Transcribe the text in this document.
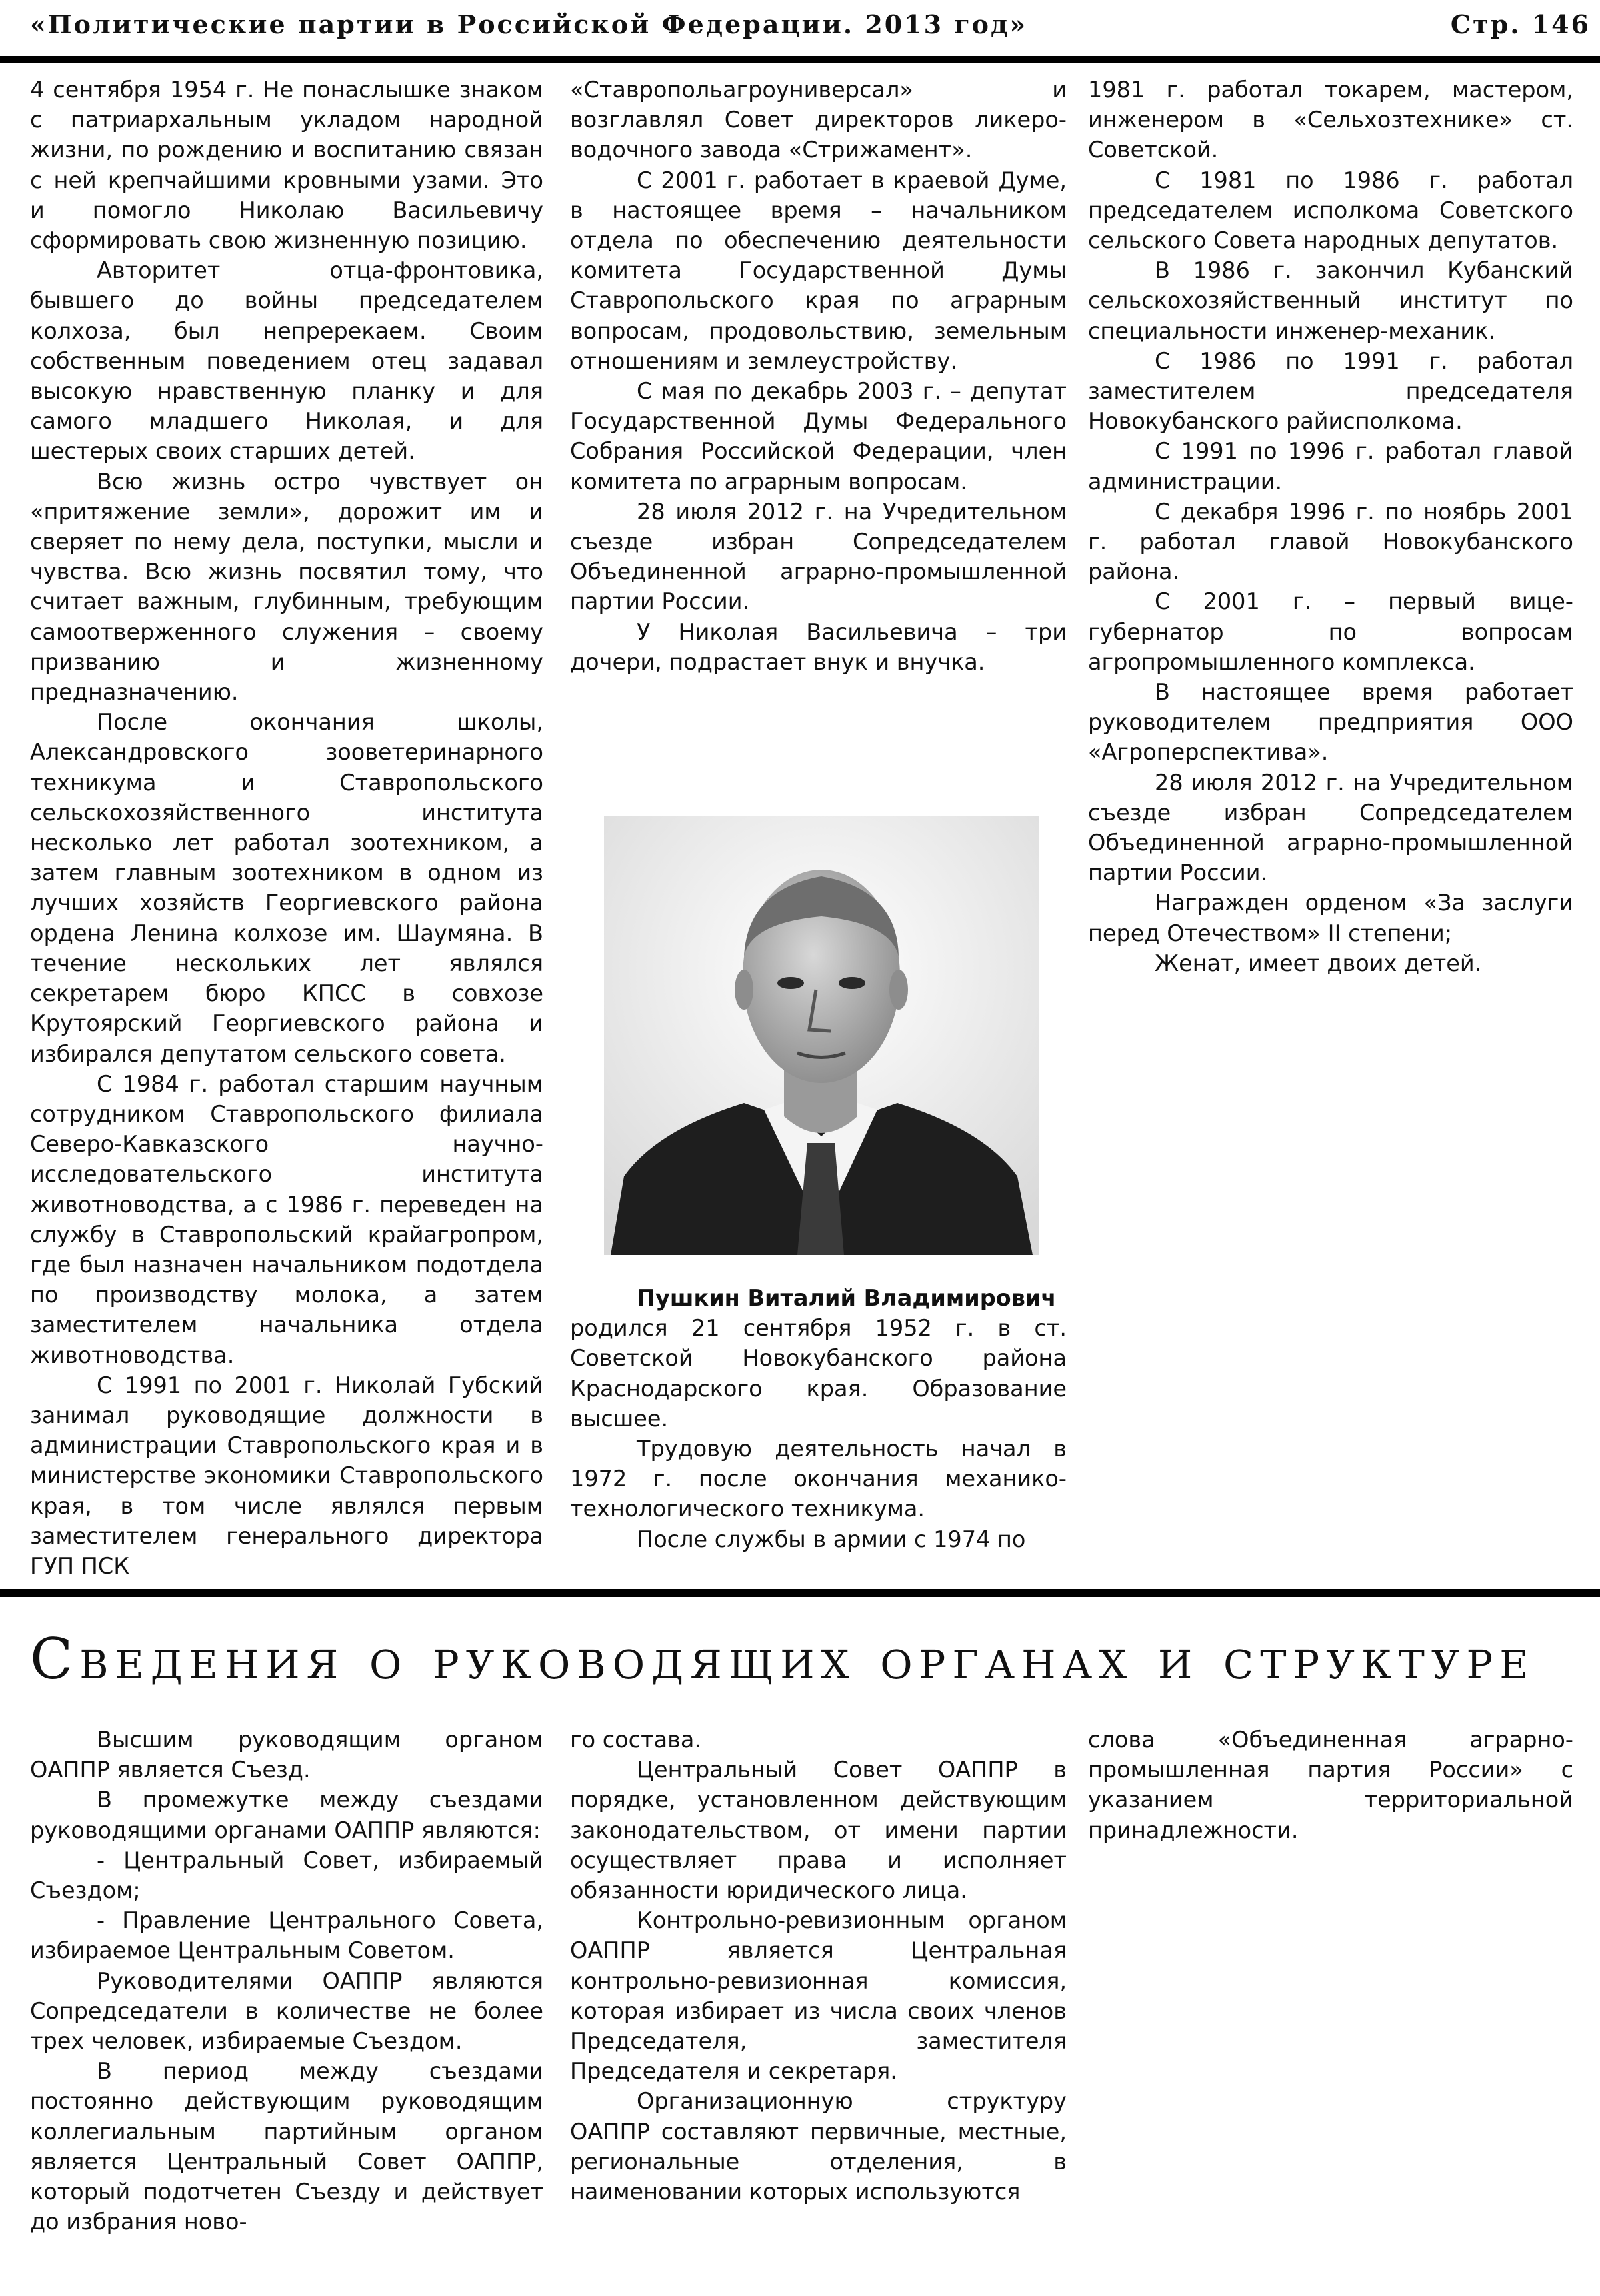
«Политические партии в Российской Федерации. 2013 год»	Стр. 146

4 сентября 1954 г. Не понаслышке знаком с патриархальным укладом народной жизни, по рождению и воспитанию связан с ней крепчайшими кровными узами. Это и помогло Николаю Васильевичу сформировать свою жизненную позицию.

Авторитет отца-фронтовика, бывшего до войны председателем колхоза, был непререкаем. Своим собственным поведением отец задавал высокую нравственную планку и для самого младшего Николая, и для шестерых своих старших детей.

Всю жизнь остро чувствует он «притяжение земли», дорожит им и сверяет по нему дела, поступки, мысли и чувства. Всю жизнь посвятил тому, что считает важным, глубинным, требующим самоотверженного служения – своему призванию и жизненному предназначению.

После окончания школы, Александровского зооветеринарного техникума и Ставропольского сельскохозяйственного института несколько лет работал зоотехником, а затем главным зоотехником в одном из лучших хозяйств Георгиевского района ордена Ленина колхозе им. Шаумяна. В течение нескольких лет являлся секретарем бюро КПСС в совхозе Крутоярский Георгиевского района и избирался депутатом сельского совета.

С 1984 г. работал старшим научным сотрудником Ставропольского филиала Северо-Кавказского научно-исследовательского института животноводства, а с 1986 г. переведен на службу в Ставропольский крайагропром, где был назначен начальником подотдела по производству молока, а затем заместителем начальника отдела животноводства.

С 1991 по 2001 г. Николай Губский занимал руководящие должности в администрации Ставропольского края и в министерстве экономики Ставропольского края, в том числе являлся первым заместителем генерального директора ГУП ПСК

«Ставропольагроуниверсал» и возглавлял Совет директоров ликеро-водочного завода «Стрижамент».

С 2001 г. работает в краевой Думе, в настоящее время – начальником отдела по обеспечению деятельности комитета Государственной Думы Ставропольского края по аграрным вопросам, продовольствию, земельным отношениям и землеустройству.

С мая по декабрь 2003 г. – депутат Государственной Думы Федерального Собрания Российской Федерации, член комитета по аграрным вопросам.

28 июля 2012 г. на Учредительном съезде избран Сопредседателем Объединенной аграрно-промышленной партии России.

У Николая Васильевича – три дочери, подрастает внук и внучка.

Пушкин Виталий Владимирович

родился 21 сентября 1952 г. в ст. Советской Новокубанского района Краснодарского края. Образование высшее.

Трудовую деятельность начал в 1972 г. после окончания механико-технологического техникума.

После службы в армии с 1974 по

1981 г. работал токарем, мастером, инженером в «Сельхозтехнике» ст. Советской.

С 1981 по 1986 г. работал председателем исполкома Советского сельского Совета народных депутатов.

В 1986 г. закончил Кубанский сельскохозяйственный институт по специальности инженер-механик.

С 1986 по 1991 г. работал заместителем председателя Новокубанского райисполкома.

С 1991 по 1996 г. работал главой администрации.

С декабря 1996 г. по ноябрь 2001 г. работал главой Новокубанского района.

С 2001 г. – первый вице-губернатор по вопросам агропромышленного комплекса.

В настоящее время работает руководителем предприятия ООО «Агроперспектива».

28 июля 2012 г. на Учредительном съезде избран Сопредседателем Объединенной аграрно-промышленной партии России.

Награжден орденом «За заслуги перед Отечеством» II степени;

Женат, имеет двоих детей.

Сведения о руководящих органах и структуре

Высшим руководящим органом ОАППР является Съезд.

В промежутке между съездами руководящими органами ОАППР являются:

- Центральный Совет, избираемый Съездом;

- Правление Центрального Совета, избираемое Центральным Советом.

Руководителями ОАППР являются Сопредседатели в количестве не более трех человек, избираемые Съездом.

В период между съездами постоянно действующим руководящим коллегиальным партийным органом является Центральный Совет ОАППР, который подотчетен Съезду и действует до избрания ново-

го состава.

Центральный Совет ОАППР в порядке, установленном действующим законодательством, от имени партии осуществляет права и исполняет обязанности юридического лица.

Контрольно-ревизионным органом ОАППР является Центральная контрольно-ревизионная комиссия, которая избирает из числа своих членов Председателя, заместителя Председателя и секретаря.

Организационную структуру ОАППР составляют первичные, местные, региональные отделения, в наименовании которых используются

слова «Объединенная аграрно-промышленная партия России» с указанием территориальной принадлежности.
